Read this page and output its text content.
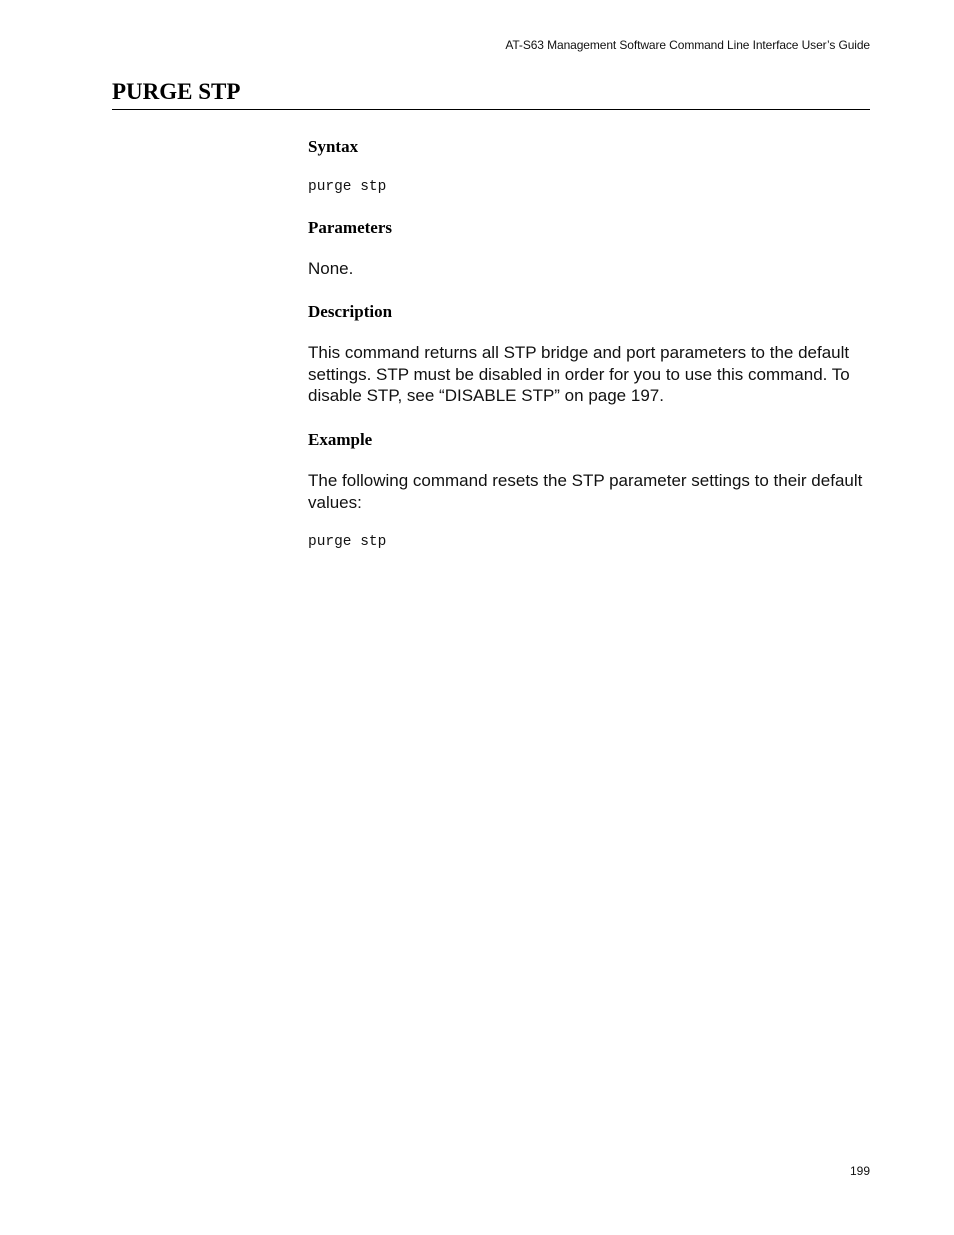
AT-S63 Management Software Command Line Interface User’s Guide
PURGE STP
Syntax
purge stp
Parameters

None.

Description

This command returns all STP bridge and port parameters to the default settings. STP must be disabled in order for you to use this command. To disable STP, see “DISABLE STP” on page 197.

Example

The following command resets the STP parameter settings to their default values:

purge stp
199
